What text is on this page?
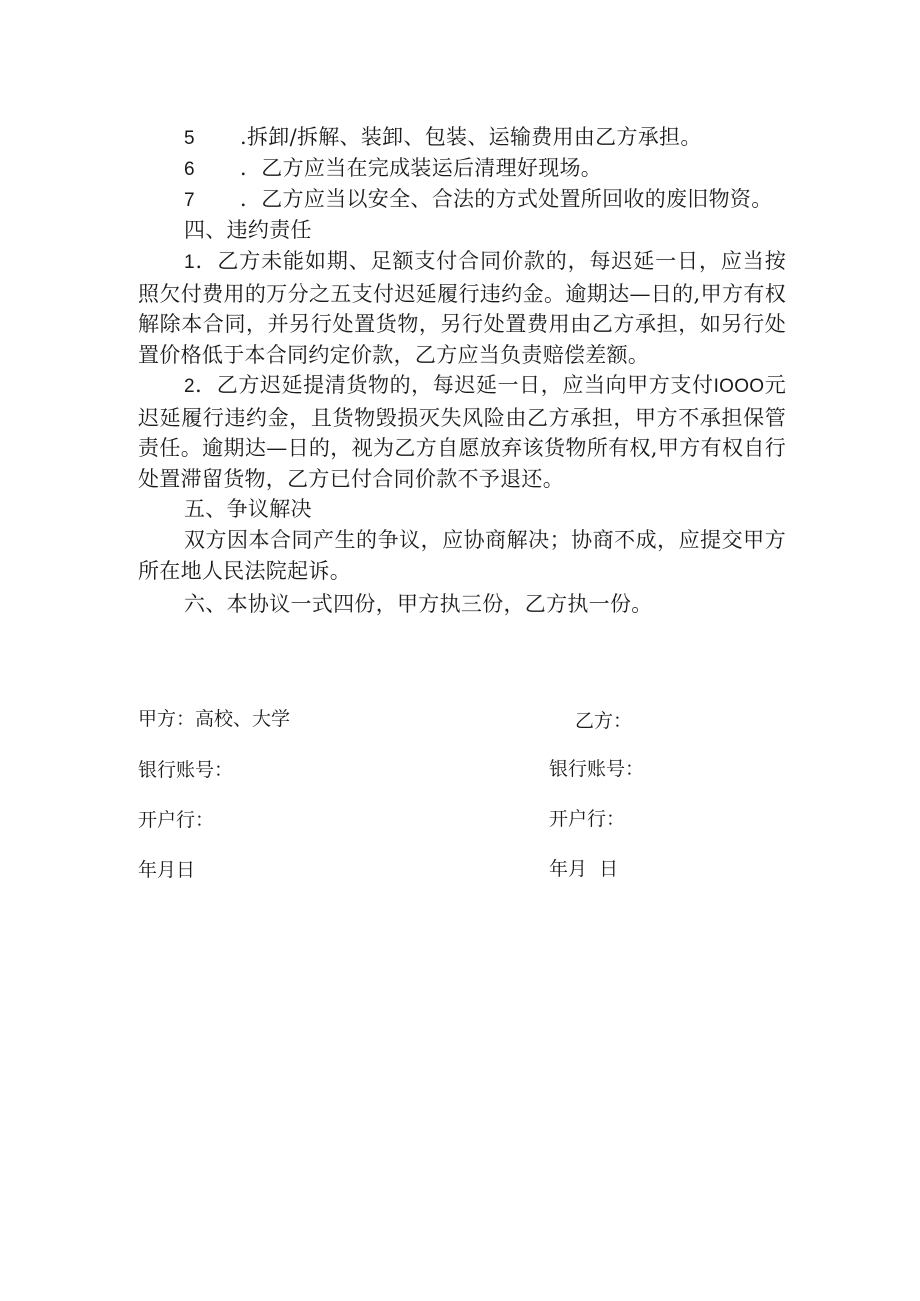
5 .拆卸/拆解、装卸、包装、运输费用由乙方承担。
6 ．乙方应当在完成装运后清理好现场。
7 ．乙方应当以安全、合法的方式处置所回收的废旧物资。
四、违约责任
1．乙方未能如期、足额支付合同价款的，每迟延一日，应当按照欠付费用的万分之五支付迟延履行违约金。逾期达—日的,甲方有权解除本合同，并另行处置货物，另行处置费用由乙方承担，如另行处置价格低于本合同约定价款，乙方应当负责赔偿差额。
2．乙方迟延提清货物的，每迟延一日，应当向甲方支付IOOO元迟延履行违约金，且货物毁损灭失风险由乙方承担，甲方不承担保管责任。逾期达—日的，视为乙方自愿放弃该货物所有权,甲方有权自行处置滞留货物，乙方已付合同价款不予退还。
五、争议解决
双方因本合同产生的争议，应协商解决；协商不成，应提交甲方所在地人民法院起诉。
六、本协议一式四份，甲方执三份，乙方执一份。
甲方：高校、大学
银行账号：
开户行：
年月日
乙方：
银行账号：
开户行：
年月  日
